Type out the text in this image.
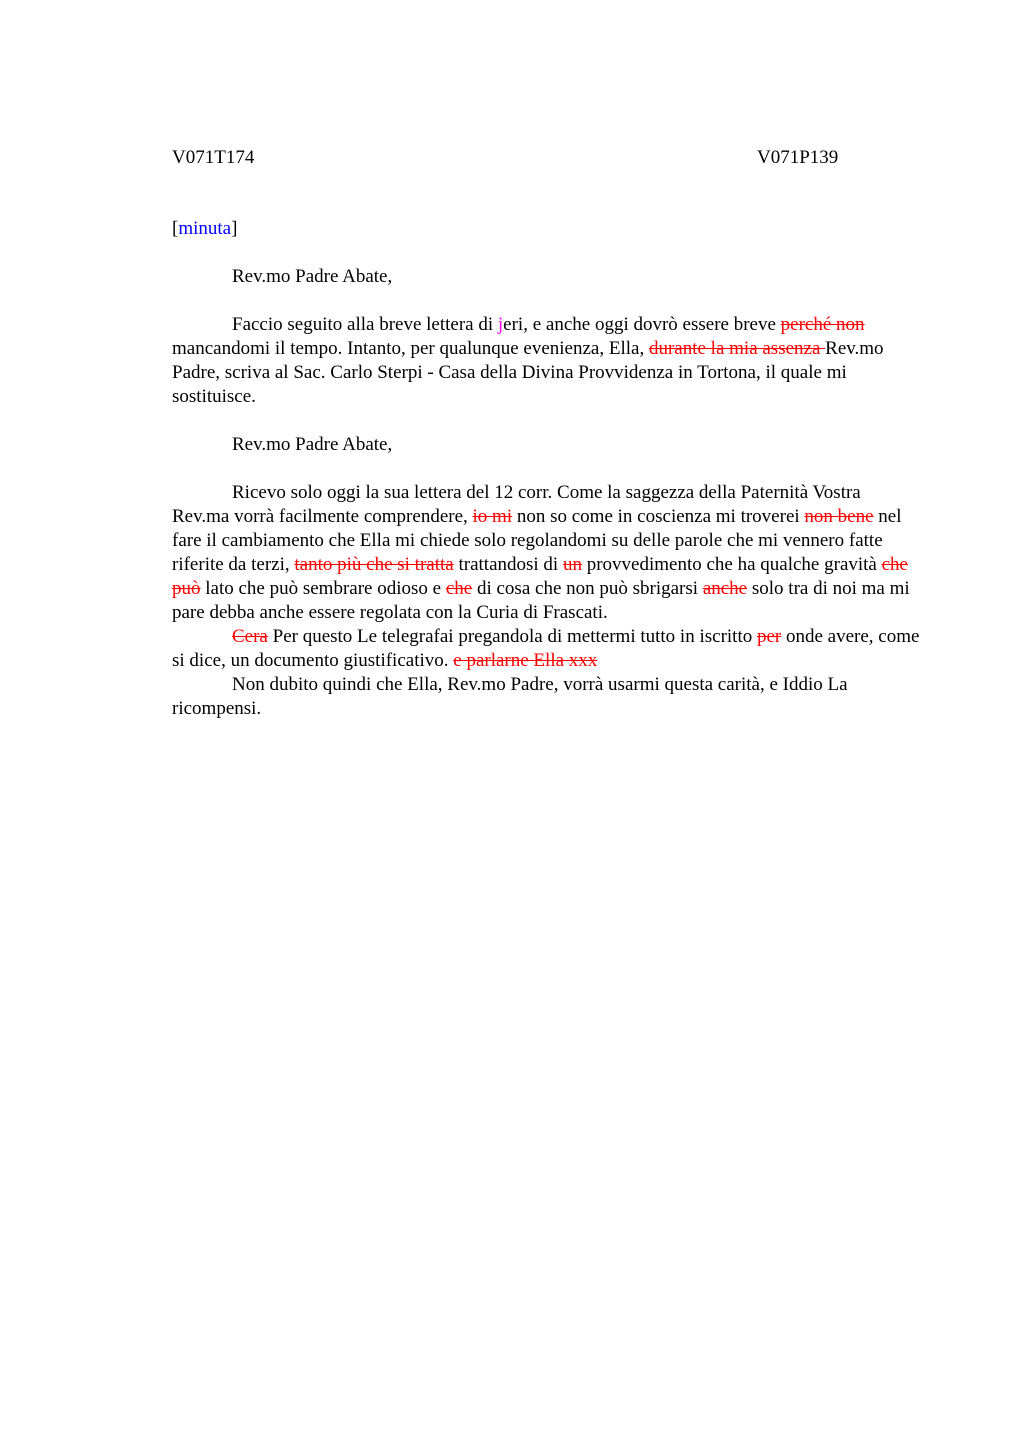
V071T174	V071P139

[minuta]

Rev.mo Padre Abate,

Faccio seguito alla breve lettera di jeri, e anche oggi dovrò essere breve perché non mancandomi il tempo. Intanto, per qualunque evenienza, Ella, durante la mia assenza Rev.mo Padre, scriva al Sac. Carlo Sterpi - Casa della Divina Provvidenza in Tortona, il quale mi sostituisce.

Rev.mo Padre Abate,

Ricevo solo oggi la sua lettera del 12 corr. Come la saggezza della Paternità Vostra Rev.ma vorrà facilmente comprendere, io mi non so come in coscienza mi troverei non bene nel fare il cambiamento che Ella mi chiede solo regolandomi su delle parole che mi vennero fatte riferite da terzi, tanto più che si tratta trattandosi di un provvedimento che ha qualche gravità che può lato che può sembrare odioso e che di cosa che non può sbrigarsi anche solo tra di noi ma mi pare debba anche essere regolata con la Curia di Frascati.

Cera Per questo Le telegrafai pregandola di mettermi tutto in iscritto per onde avere, come si dice, un documento giustificativo. e parlarne Ella xxx

Non dubito quindi che Ella, Rev.mo Padre, vorrà usarmi questa carità, e Iddio La ricompensi.
